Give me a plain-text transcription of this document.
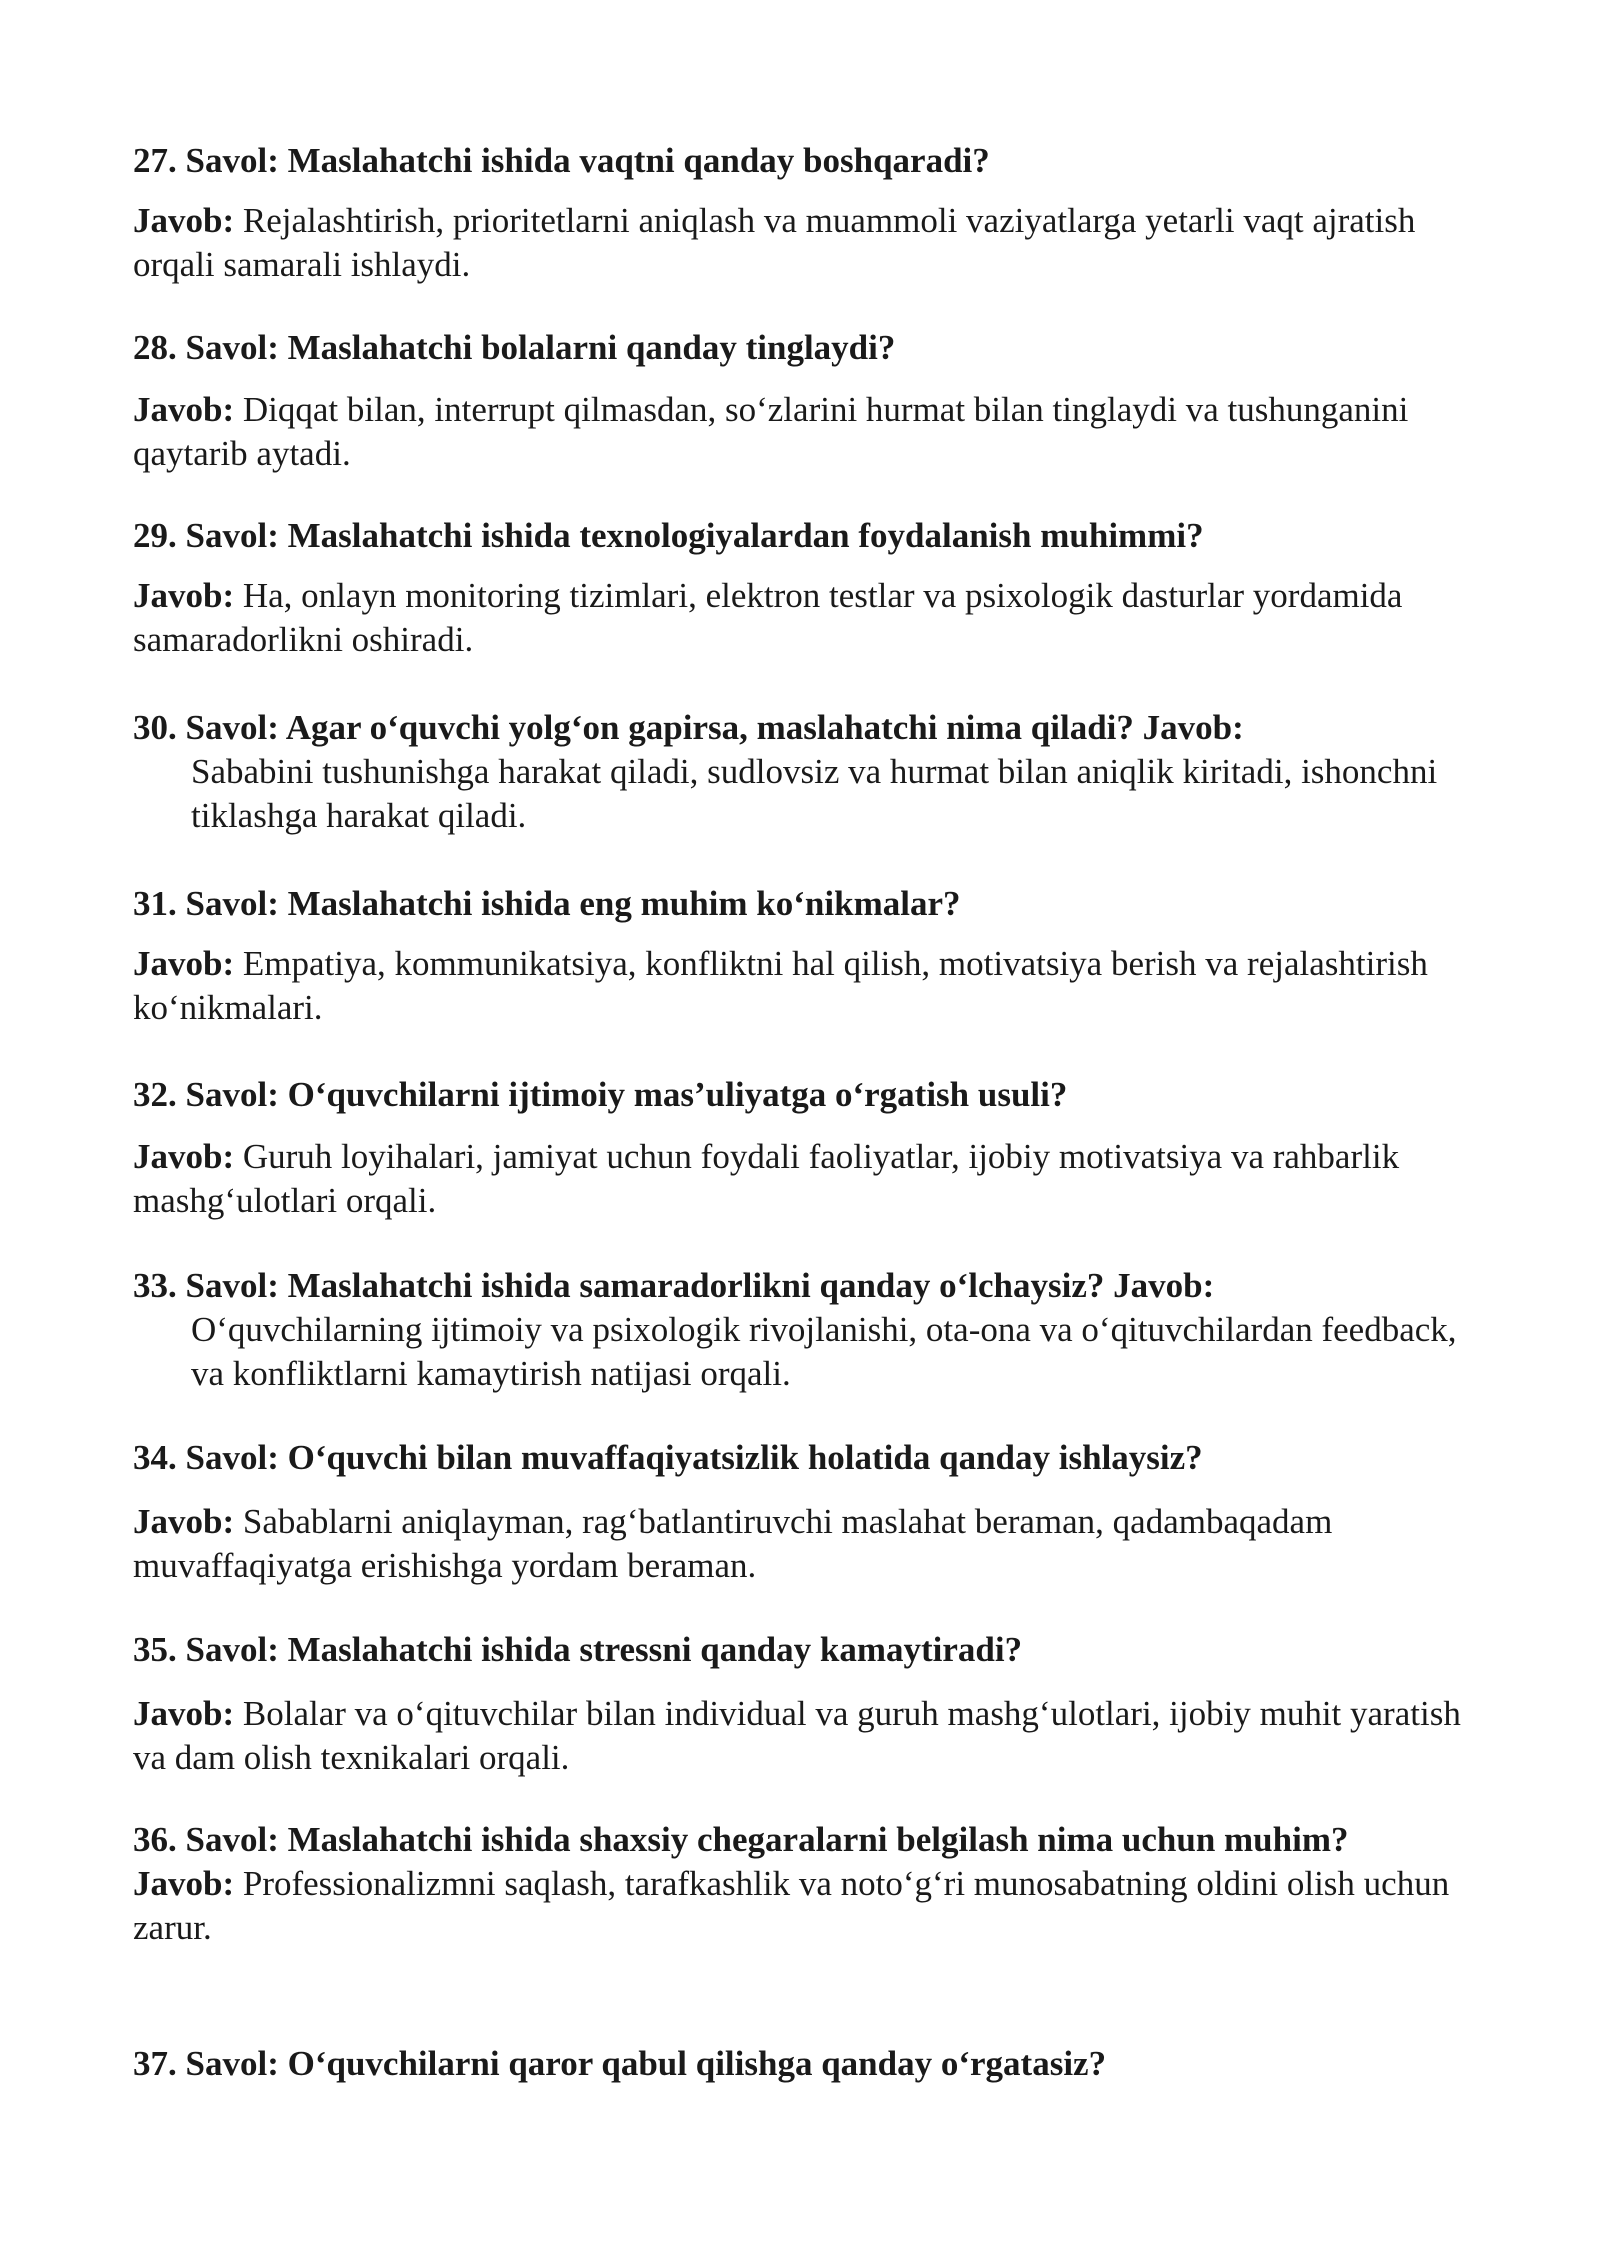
27. Savol: Maslahatchi ishida vaqtni qanday boshqaradi?

Javob: Rejalashtirish, prioritetlarni aniqlash va muammoli vaziyatlarga yetarli vaqt ajratish orqali samarali ishlaydi.

28. Savol: Maslahatchi bolalarni qanday tinglaydi?

Javob: Diqqat bilan, interrupt qilmasdan, so‘zlarini hurmat bilan tinglaydi va tushunganini qaytarib aytadi.

29. Savol: Maslahatchi ishida texnologiyalardan foydalanish muhimmi?

Javob: Ha, onlayn monitoring tizimlari, elektron testlar va psixologik dasturlar yordamida samaradorlikni oshiradi.

30. Savol: Agar o‘quvchi yolg‘on gapirsa, maslahatchi nima qiladi? Javob:
Sababini tushunishga harakat qiladi, sudlovsiz va hurmat bilan aniqlik kiritadi, ishonchni tiklashga harakat qiladi.

31. Savol: Maslahatchi ishida eng muhim ko‘nikmalar?

Javob: Empatiya, kommunikatsiya, konfliktni hal qilish, motivatsiya berish va rejalashtirish ko‘nikmalari.

32. Savol: O‘quvchilarni ijtimoiy mas’uliyatga o‘rgatish usuli?

Javob: Guruh loyihalari, jamiyat uchun foydali faoliyatlar, ijobiy motivatsiya va rahbarlik mashg‘ulotlari orqali.

33. Savol: Maslahatchi ishida samaradorlikni qanday o‘lchaysiz? Javob:
O‘quvchilarning ijtimoiy va psixologik rivojlanishi, ota-ona va o‘qituvchilardan feedback, va konfliktlarni kamaytirish natijasi orqali.

34. Savol: O‘quvchi bilan muvaffaqiyatsizlik holatida qanday ishlaysiz?

Javob: Sabablarni aniqlayman, rag‘batlantiruvchi maslahat beraman, qadambaqadam muvaffaqiyatga erishishga yordam beraman.

35. Savol: Maslahatchi ishida stressni qanday kamaytiradi?

Javob: Bolalar va o‘qituvchilar bilan individual va guruh mashg‘ulotlari, ijobiy muhit yaratish va dam olish texnikalari orqali.

36. Savol: Maslahatchi ishida shaxsiy chegaralarni belgilash nima uchun muhim?

Javob: Professionalizmni saqlash, tarafkashlik va noto‘g‘ri munosabatning oldini olish uchun zarur.

37. Savol: O‘quvchilarni qaror qabul qilishga qanday o‘rgatasiz?
